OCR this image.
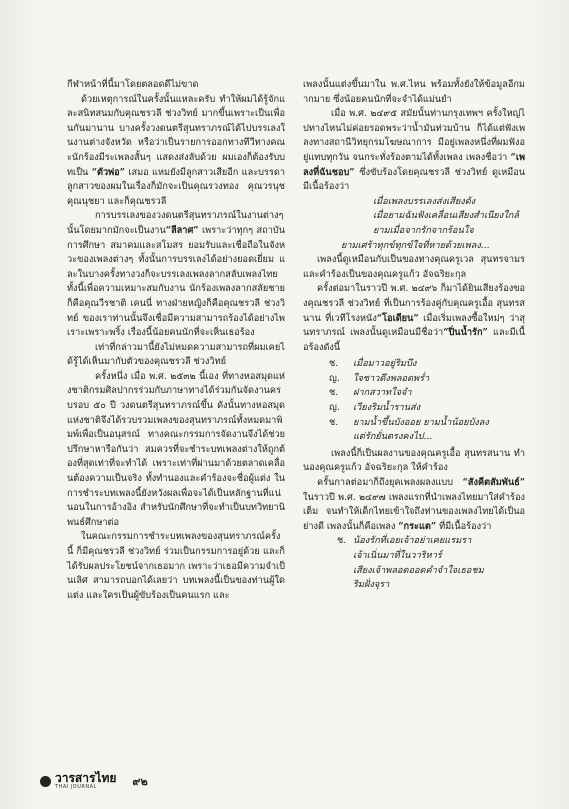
กีฬาหน้าที่นี้มาโดยตลอดดีไม่ขาด

ด้วยเหตุการณ์ในครั้งนั้นแหละครับ ทำให้ผมได้รู้จักและสนิทสนมกับคุณชรวลี ช่วงวิทย์ มากขึ้นเพราะเป็นเพื่อนกันมานาน บางครั้งวงดนตรีสุนทราภรณ์ได้ไปบรรเลงในงานต่างจังหวัด หรือว่าเป็นรายการออกทางทีวีทางคณะนักร้องมีระเพลงสั้นๆ แสดงส่งลับด้วย ผมเองก็ต้องรับบทเป็น “ตัวพ่อ” เสมอ แหมยังมีลูกสาวเสียอีก และบรรดาลูกสาวของผมในเรื่องก็มักจะเป็นคุณรวงทอง คุณวรนุช คุณนุชยา และก็คุณชรวลี

การบรรเลงของวงดนตรีสุนทราภรณ์ในงานต่างๆ นั้นโดยมากมักจะเป็นงาน“ลีลาศ” เพราะว่าทุกๆ สถาบันการศึกษา สมาคมและสโมสร ยอมรับและเชื่อถือในจังหวะของเพลงต่างๆ ทั้งนั้นการบรรเลงได้อย่างยอดเยี่ยม และในบางครั้งทางวงก็จะบรรเลงเพลงลากสลับเพลงไทย ทั้งนี้เพื่อความเหมาะสมกับงาน นักร้องเพลงลากสลัยชายก็คือคุณวีรชาติ เคนนี่ ทางฝ่ายหญิงก็คือคุณชรวลี ช่วงวิทย์ ของเราท่านนั้นจึงเชื่อมีความสามารถร้องได้อย่างไพเราะเพราะพริ้ง เรื่องนี้น้อยคนนักที่จะเห็นเธอร้อง

เท่าที่กล่าวมานี้ยังไม่หมดความสามารถที่ผมเคยได้รู้ได้เห็นมากับตัวของคุณชรวลี ช่วงวิทย์

ครั้งหนึ่ง เมื่อ พ.ศ. ๒๕๓๒ นี้เอง ที่ทางหอสมุดแห่งชาติกรมศิลปากรร่วมกับภาษาทางได้ร่วมกันจัดงานครบรอบ ๕๐ ปี วงดนตรีสุนทราภรณ์ขึ้น ดังนั้นทางหอสมุดแห่งชาติจึงได้รวบรวมเพลงของสุนทราภรณ์ทั้งหมดมาพิมพ์เพื่อเป็นอนุสรณ์ ทางคณะกรรมการจัดงานจึงได้ช่วยปรึกษาหารือกันว่า สมควรที่จะชำระบทเพลงต่างให้ถูกต้องที่สุดเท่าที่จะทำได้ เพราะเท่าที่ผ่านมาด้วยตลาดเคลื่อนต้องความเป็นจริง ทั้งทำนองและคำร้องจะชื่อผู้แต่ง ในการชำระบทเพลงนี้ยังหวังผลเพื่อจะได้เป็นหลักฐานที่แน่นอนในการอ้างอิง สำหรับนักศึกษาที่จะทำเป็นบทวิทยานิพนธ์ศึกษาต่อ

ในคณะกรรมการชำระบทเพลงของสุนทราภรณ์ครั้งนี้ ก็มีคุณชรวลี ช่วงวิทย์ ร่วมเป็นกรรมการอยู่ด้วย และก็ได้รับผลประโยชน์จากเธอมาก เพราะว่าเธอมีความจำเป็นเลิศ สามารถบอกได้เลยว่า บทเพลงนี้เป็นของท่านผู้ใดแต่ง และใครเป็นผู้ขับร้องเป็นคนแรก และ

เพลงนั้นแต่งขึ้นมาใน พ.ศ.ไหน พร้อมทั้งยังให้ข้อมูลอีกมากมาย ซึ่งน้อยคนนักที่จะจำได้แม่นยำ

เมื่อ พ.ศ. ๒๔๙๕ สมัยนั้นท่านกรุงเทพฯ ครั้งใหญ่ไปทางไหนไม่ค่อยรอดพระว่าน้ำมันท่วมบ้าน ก็ได้แต่ฟังเพลงทางสถานีวิทยุกรมโฆษณาการ มีอยู่เพลงหนึ่งที่ผมฟังอยู่แทบทุกวัน จนกระทั่งร้องตามได้ทั้งเพลง เพลงชื่อว่า “เพลงที่ฉันชอบ” ซึ่งขับร้องโดยคุณชรวลี ช่วงวิทย์ ดูเหมือนมีเนื้อร้องว่า

เมื่อเพลงบรรเลงส่งเสียงดัง

เมื่อยามฉันฟังเคลื่อนเสียงสำเนียงใกล้

ยามเมื่อจากรักจากร้อนใจ

ยามเศร้าทุกข์ทุกข์ใจที่หายด้วยเพลง...

เพลงนี้ดูเหมือนกับเป็นของทางคุณครูเวล สุนทรจามร และคำร้องเป็นของคุณครูแก้ว อัจฉริยะกุล

ครั้งต่อมาในราวปี พ.ศ. ๒๔๙๖ ก็มาได้ยินเสียงร้องของคุณชรวลี ช่วงวิทย์ ที่เป็นการร้องคู่กับคุณครูเอื้อ สุนทรสนาน ที่เวทีโรงหนัง“โอเดียน” เมื่อเริ่มเพลงซื้อใหม่ๆ ว่าสุนทราภรณ์ เพลงนั้นดูเหมือนมีชื่อว่า“ปิ่นน้ำรัก” และมีเนื้อร้องดังนี้

ช.	เมื่อมาวอยู่ริมบึง
ญ.	ใจชาวดึงพลอดพร่ำ
ช.	ฝากสวาทใจจำ
ญ.	เวียงริมน้ำรานส่ง
ช.	ยามน้ำขึ้นบังออย ยามน้ำน้อยบังลง
แต่รักยั่นตรงคงไป...

เพลงนี้ก็เป็นผลงานของคุณครูเอื้อ สุนทรสนาน ทำนองคุณครูแก้ว อัจฉริยะกุล ให้คำร้อง

ครั้นกาลต่อมาก็ถึงยุคเพลงผลงแบบ “สังคีตสัมพันธ์” ในราวปี พ.ศ. ๒๔๙๗ เพลงแรกที่นำเพลงไทยมาใส่คำร้องเต็ม จนทำให้เด็กไทยเข้าใจถึงท่านของเพลงไทยได้เป็นอย่างดี เพลงนั้นก็คือเพลง “กระแต” ที่มีเนื้อร้องว่า

ช. น้องรักที่เอยเจ้าอย่าเคยแรมรา
เจ้าเนิ่นมาที่ในวาริหาร์
เสียงเจ้าพลอดออดคำจำใจเธอชม
ริมฝั่งจุรา
วารสารไทย
THAI JOURNAL	๙๒
